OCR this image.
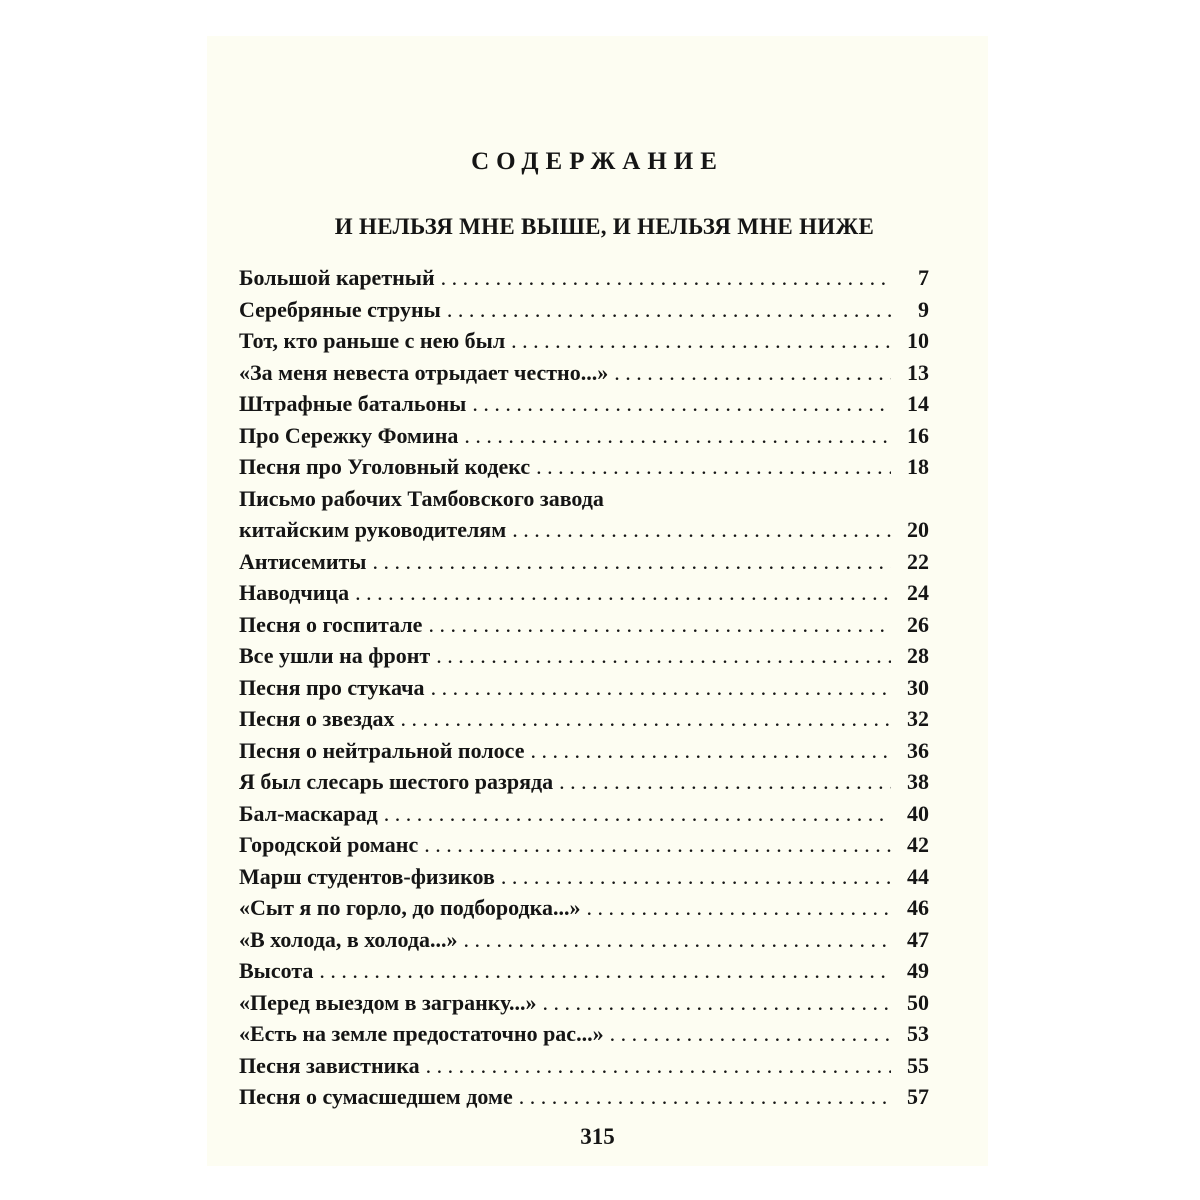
СОДЕРЖАНИЕ
И НЕЛЬЗЯ МНЕ ВЫШЕ, И НЕЛЬЗЯ МНЕ НИЖЕ
Большой каретный . . .	7
Серебряные струны . . .	9
Тот, кто раньше с нею был . . .	10
«За меня невеста отрыдает честно...» . . .	13
Штрафные батальоны . . .	14
Про Сережку Фомина . . .	16
Песня про Уголовный кодекс . . .	18
Письмо рабочих Тамбовского завода
китайским руководителям . . .	20
Антисемиты . . .	22
Наводчица . . .	24
Песня о госпитале . . .	26
Все ушли на фронт . . .	28
Песня про стукача . . .	30
Песня о звездах . . .	32
Песня о нейтральной полосе . . .	36
Я был слесарь шестого разряда . . .	38
Бал-маскарад . . .	40
Городской романс . . .	42
Марш студентов-физиков . . .	44
«Сыт я по горло, до подбородка...» . . .	46
«В холода, в холода...» . . .	47
Высота . . .	49
«Перед выездом в загранку...» . . .	50
«Есть на земле предостаточно рас...» . . .	53
Песня завистника . . .	55
Песня о сумасшедшем доме . . .	57

315
